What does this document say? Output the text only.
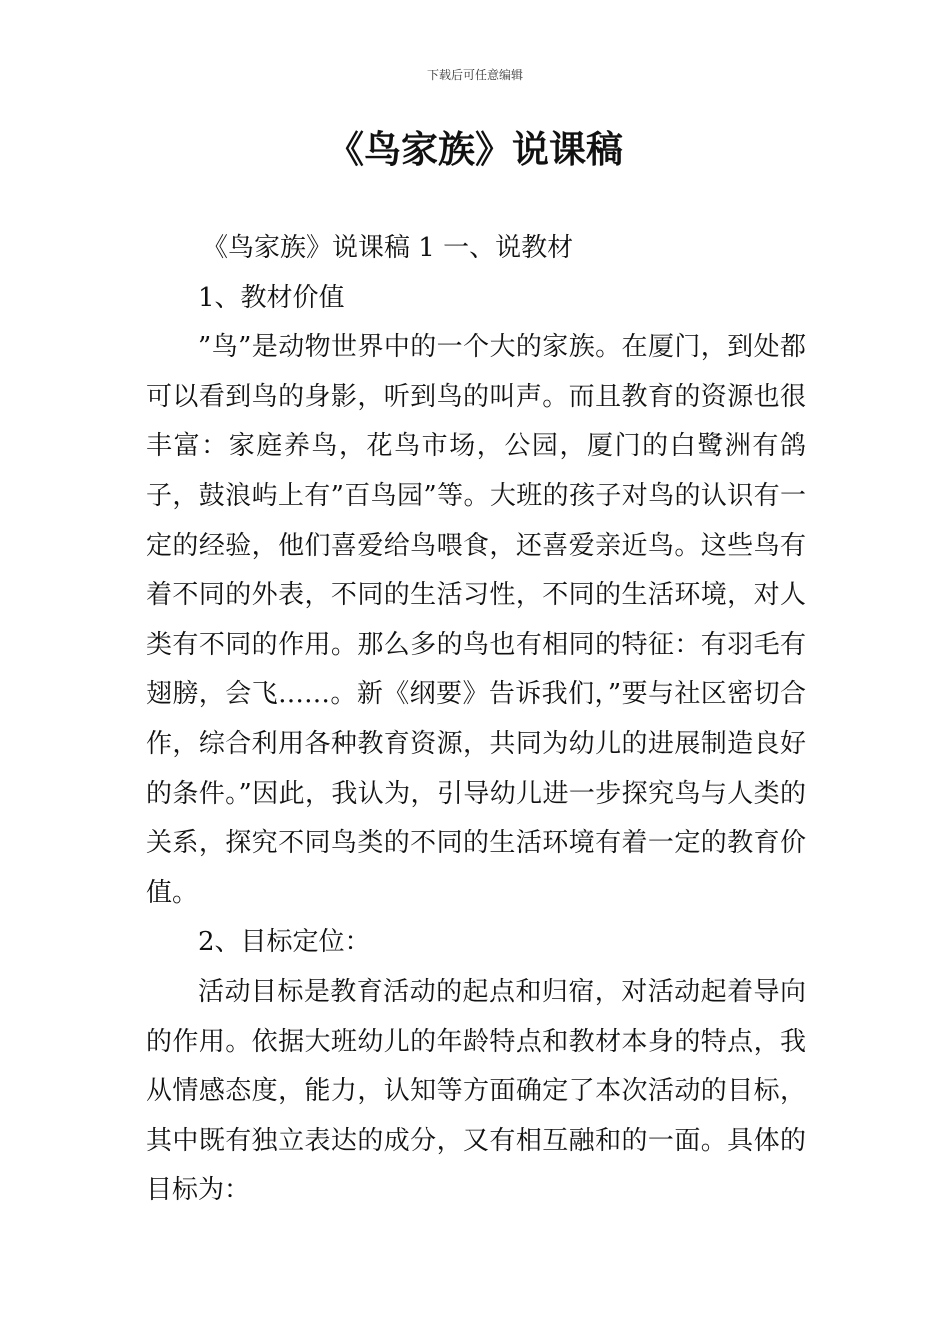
下载后可任意编辑
《鸟家族》说课稿

《鸟家族》说课稿 1 一、说教材

1、教材价值

”鸟”是动物世界中的一个大的家族。在厦门，到处都可以看到鸟的身影，听到鸟的叫声。而且教育的资源也很丰富：家庭养鸟，花鸟市场，公园，厦门的白鹭洲有鸽子，鼓浪屿上有”百鸟园”等。大班的孩子对鸟的认识有一定的经验，他们喜爱给鸟喂食，还喜爱亲近鸟。这些鸟有着不同的外表，不同的生活习性，不同的生活环境，对人类有不同的作用。那么多的鸟也有相同的特征：有羽毛有翅膀，会飞……。新《纲要》告诉我们，”要与社区密切合作，综合利用各种教育资源，共同为幼儿的进展制造良好的条件。”因此，我认为，引导幼儿进一步探究鸟与人类的关系，探究不同鸟类的不同的生活环境有着一定的教育价值。

2、目标定位：

活动目标是教育活动的起点和归宿，对活动起着导向的作用。依据大班幼儿的年龄特点和教材本身的特点，我从情感态度，能力，认知等方面确定了本次活动的目标，其中既有独立表达的成分，又有相互融和的一面。具体的目标为：
